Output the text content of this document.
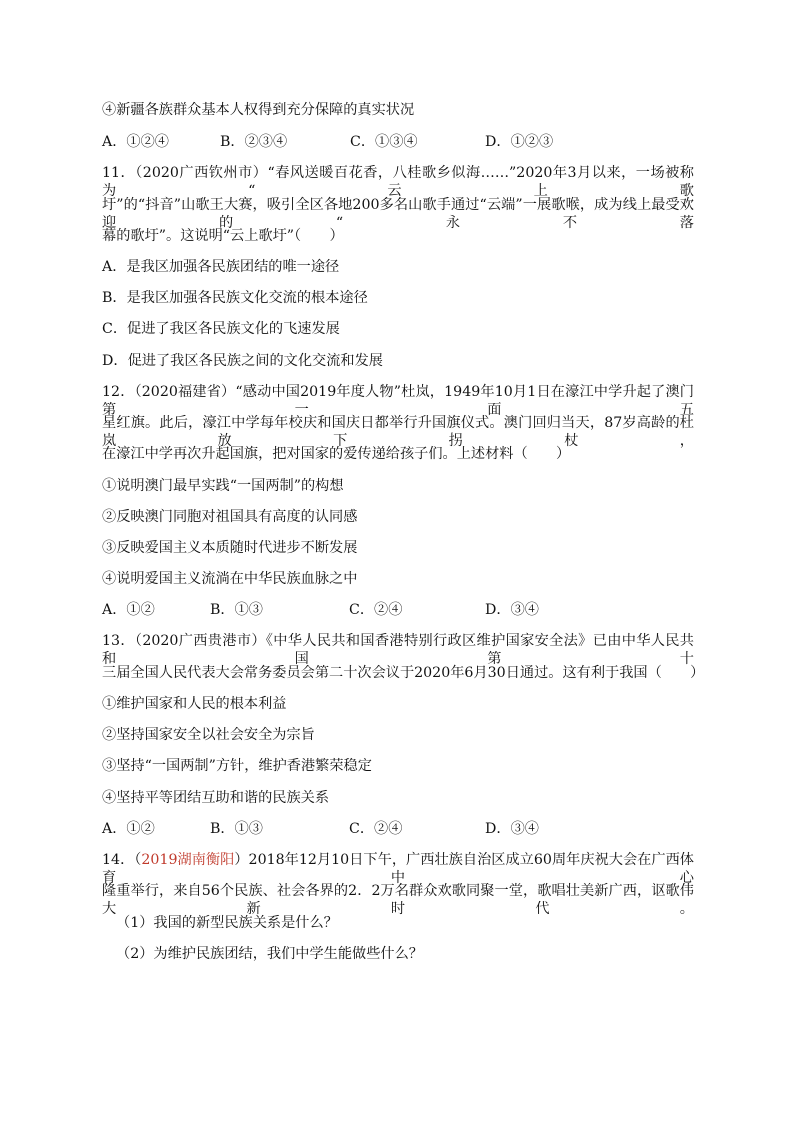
④新疆各族群众基本人权得到充分保障的真实状况
A．①②④	B．②③④	C．①③④	D．①②③
11．（2020广西钦州市）“春风送暖百花香，八桂歌乡似海……”2020年3月以来，一场被称为“云上歌
圩”的“抖音”山歌王大赛，吸引全区各地200多名山歌手通过“云端”一展歌喉，成为线上最受欢迎的“永不落
幕的歌圩”。这说明“云上歌圩”（　　）
A．是我区加强各民族团结的唯一途径
B．是我区加强各民族文化交流的根本途径
C．促进了我区各民族文化的飞速发展
D．促进了我区各民族之间的文化交流和发展
12．（2020福建省）“感动中国2019年度人物”杜岚，1949年10月1日在濠江中学升起了澳门第一面五
星红旗。此后，濠江中学每年校庆和国庆日都举行升国旗仪式。澳门回归当天，87岁高龄的杜岚放下拐杖，
在濠江中学再次升起国旗，把对国家的爱传递给孩子们。上述材料（　　）
①说明澳门最早实践“一国两制”的构想
②反映澳门同胞对祖国具有高度的认同感
③反映爱国主义本质随时代进步不断发展
④说明爱国主义流淌在中华民族血脉之中
A．①②	B．①③	C．②④	D．③④
13．（2020广西贵港市）《中华人民共和国香港特别行政区维护国家安全法》已由中华人民共和国第十
三届全国人民代表大会常务委员会第二十次会议于2020年6月30日通过。这有利于我国（　　）
①维护国家和人民的根本利益
②坚持国家安全以社会安全为宗旨
③坚持“一国两制”方针，维护香港繁荣稳定
④坚持平等团结互助和谐的民族关系
A．①②	B．①③	C．②④	D．③④
14．（2019湖南衡阳）2018年12月10日下午，广西壮族自治区成立60周年庆祝大会在广西体育中心
隆重举行，来自56个民族、社会各界的2．2万名群众欢歌同聚一堂，歌唱壮美新广西，讴歌伟大新时代。
（1）我国的新型民族关系是什么？
（2）为维护民族团结，我们中学生能做些什么？
